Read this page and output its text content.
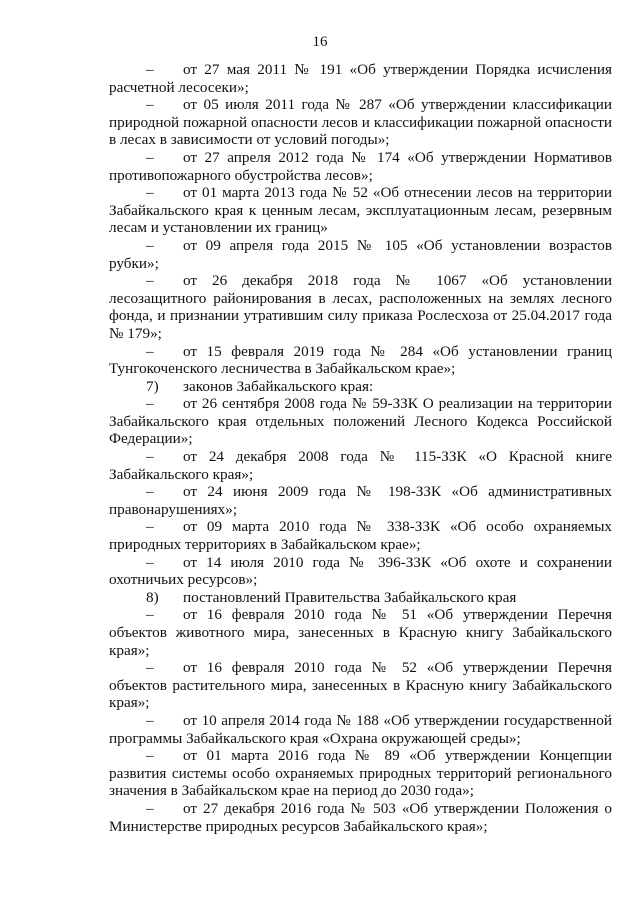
16
–	от 27 мая 2011 № 191 «Об утверждении Порядка исчисления
расчетной лесосеки»;
–	от 05 июля 2011 года № 287 «Об утверждении классификации
природной пожарной опасности лесов и классификации пожарной опасности
в лесах в зависимости от условий погоды»;
–	от 27 апреля 2012 года № 174 «Об утверждении Нормативов
противопожарного обустройства лесов»;
–	от 01 марта 2013 года № 52 «Об отнесении лесов на территории
Забайкальского края к ценным лесам, эксплуатационным лесам, резервным
лесам и установлении их границ»
–	от 09 апреля года 2015 № 105 «Об установлении возрастов
рубки»;
–	от 26 декабря 2018 года № 1067 «Об установлении
лесозащитного районирования в лесах, расположенных на землях лесного
фонда, и признании утратившим силу приказа Рослесхоза от 25.04.2017 года
№ 179»;
–	от 15 февраля 2019 года № 284 «Об установлении границ
Тунгокоченского лесничества в Забайкальском крае»;
7)	законов Забайкальского края:
–	от 26 сентября 2008 года № 59-ЗЗК О реализации на территории
Забайкальского края отдельных положений Лесного Кодекса Российской
Федерации»;
–	от 24 декабря 2008 года № 115-ЗЗК «О Красной книге
Забайкальского края»;
–	от 24 июня 2009 года № 198-ЗЗК «Об административных
правонарушениях»;
–	от 09 марта 2010 года № 338-ЗЗК «Об особо охраняемых
природных территориях в Забайкальском крае»;
–	от 14 июля 2010 года № 396-ЗЗК «Об охоте и сохранении
охотничьих ресурсов»;
8)	постановлений Правительства Забайкальского края
–	от 16 февраля 2010 года № 51 «Об утверждении Перечня
объектов животного мира, занесенных в Красную книгу Забайкальского
края»;
–	от 16 февраля 2010 года № 52 «Об утверждении Перечня
объектов растительного мира, занесенных в Красную книгу Забайкальского
края»;
–	от 10 апреля 2014 года № 188 «Об утверждении государственной
программы Забайкальского края «Охрана окружающей среды»;
–	от 01 марта 2016 года № 89 «Об утверждении Концепции
развития системы особо охраняемых природных территорий регионального
значения в Забайкальском крае на период до 2030 года»;
–	от 27 декабря 2016 года № 503 «Об утверждении Положения о
Министерстве природных ресурсов Забайкальского края»;
